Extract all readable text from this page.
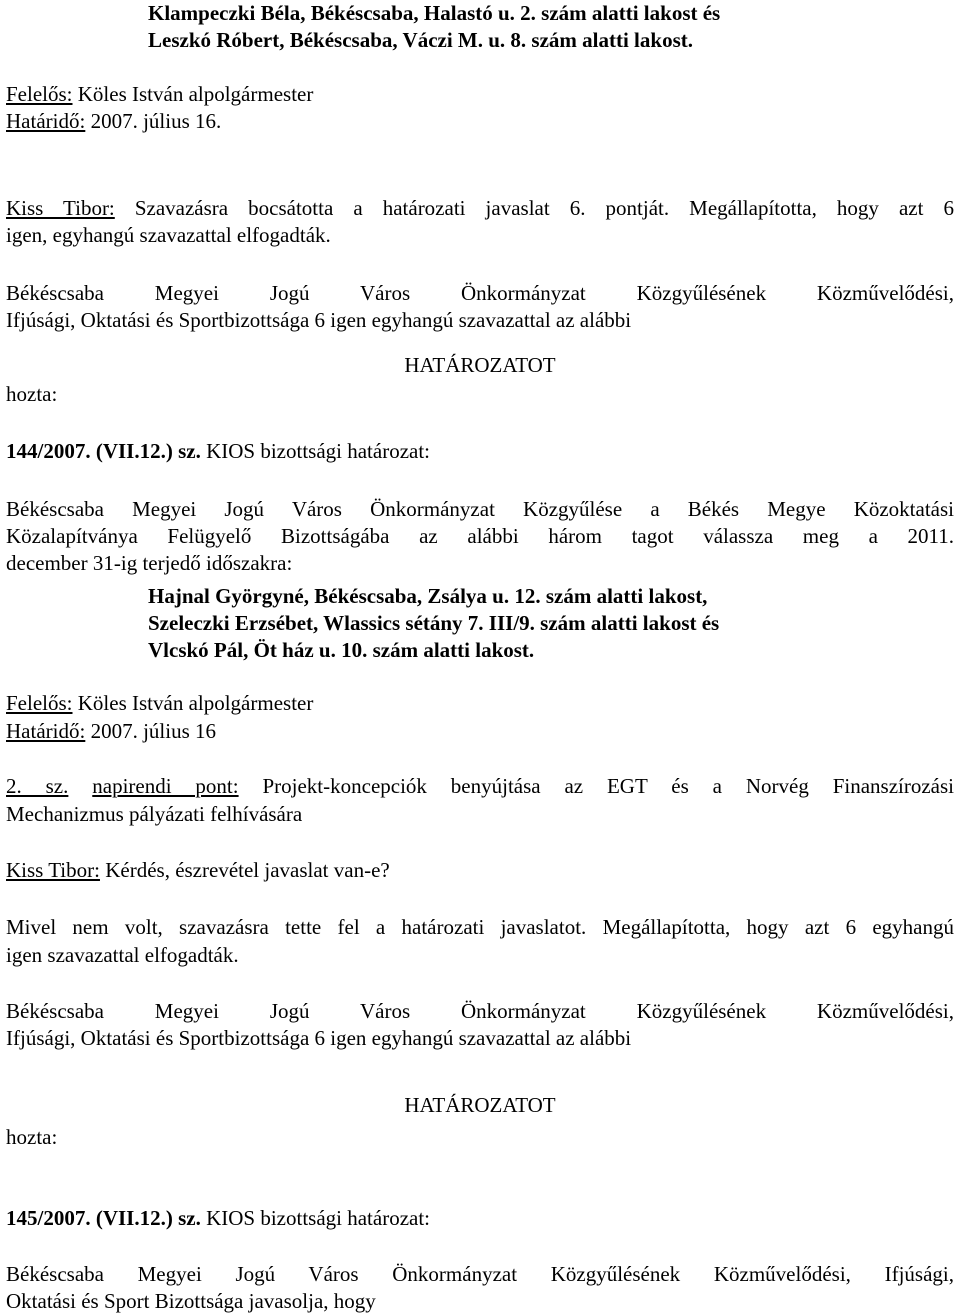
Klampeczki Béla, Békéscsaba, Halastó u. 2. szám alatti lakost és
Leszkó Róbert, Békéscsaba, Váczi M. u. 8. szám alatti lakost.
Felelős: Köles István alpolgármester
Határidő: 2007. július 16.
Kiss Tibor: Szavazásra bocsátotta a határozati javaslat 6. pontját. Megállapította, hogy azt 6
igen, egyhangú szavazattal elfogadták.
Békéscsaba Megyei Jogú Város Önkormányzat Közgyűlésének Közművelődési,
Ifjúsági, Oktatási és Sportbizottsága 6 igen egyhangú szavazattal az alábbi
HATÁROZATOT
hozta:
144/2007. (VII.12.) sz. KIOS bizottsági határozat:
Békéscsaba Megyei Jogú Város Önkormányzat Közgyűlése a Békés Megye Közoktatási
Közalapítványa Felügyelő Bizottságába az alábbi három tagot válassza meg a 2011.
december 31-ig terjedő időszakra:
Hajnal Györgyné, Békéscsaba, Zsálya u. 12. szám alatti lakost,
Szeleczki Erzsébet, Wlassics sétány 7. III/9. szám alatti lakost és
Vlcskó Pál, Öt ház u. 10. szám alatti lakost.
Felelős: Köles István alpolgármester
Határidő: 2007. július 16
2. sz. napirendi pont: Projekt-koncepciók benyújtása az EGT és a Norvég Finanszírozási
Mechanizmus pályázati felhívására
Kiss Tibor: Kérdés, észrevétel javaslat van-e?
Mivel nem volt, szavazásra tette fel a határozati javaslatot. Megállapította, hogy azt 6 egyhangú
igen szavazattal elfogadták.
Békéscsaba Megyei Jogú Város Önkormányzat Közgyűlésének Közművelődési,
Ifjúsági, Oktatási és Sportbizottsága 6 igen egyhangú szavazattal az alábbi
HATÁROZATOT
hozta:
145/2007. (VII.12.) sz. KIOS bizottsági határozat:
Békéscsaba Megyei Jogú Város Önkormányzat Közgyűlésének Közművelődési, Ifjúsági,
Oktatási és Sport Bizottsága javasolja, hogy
